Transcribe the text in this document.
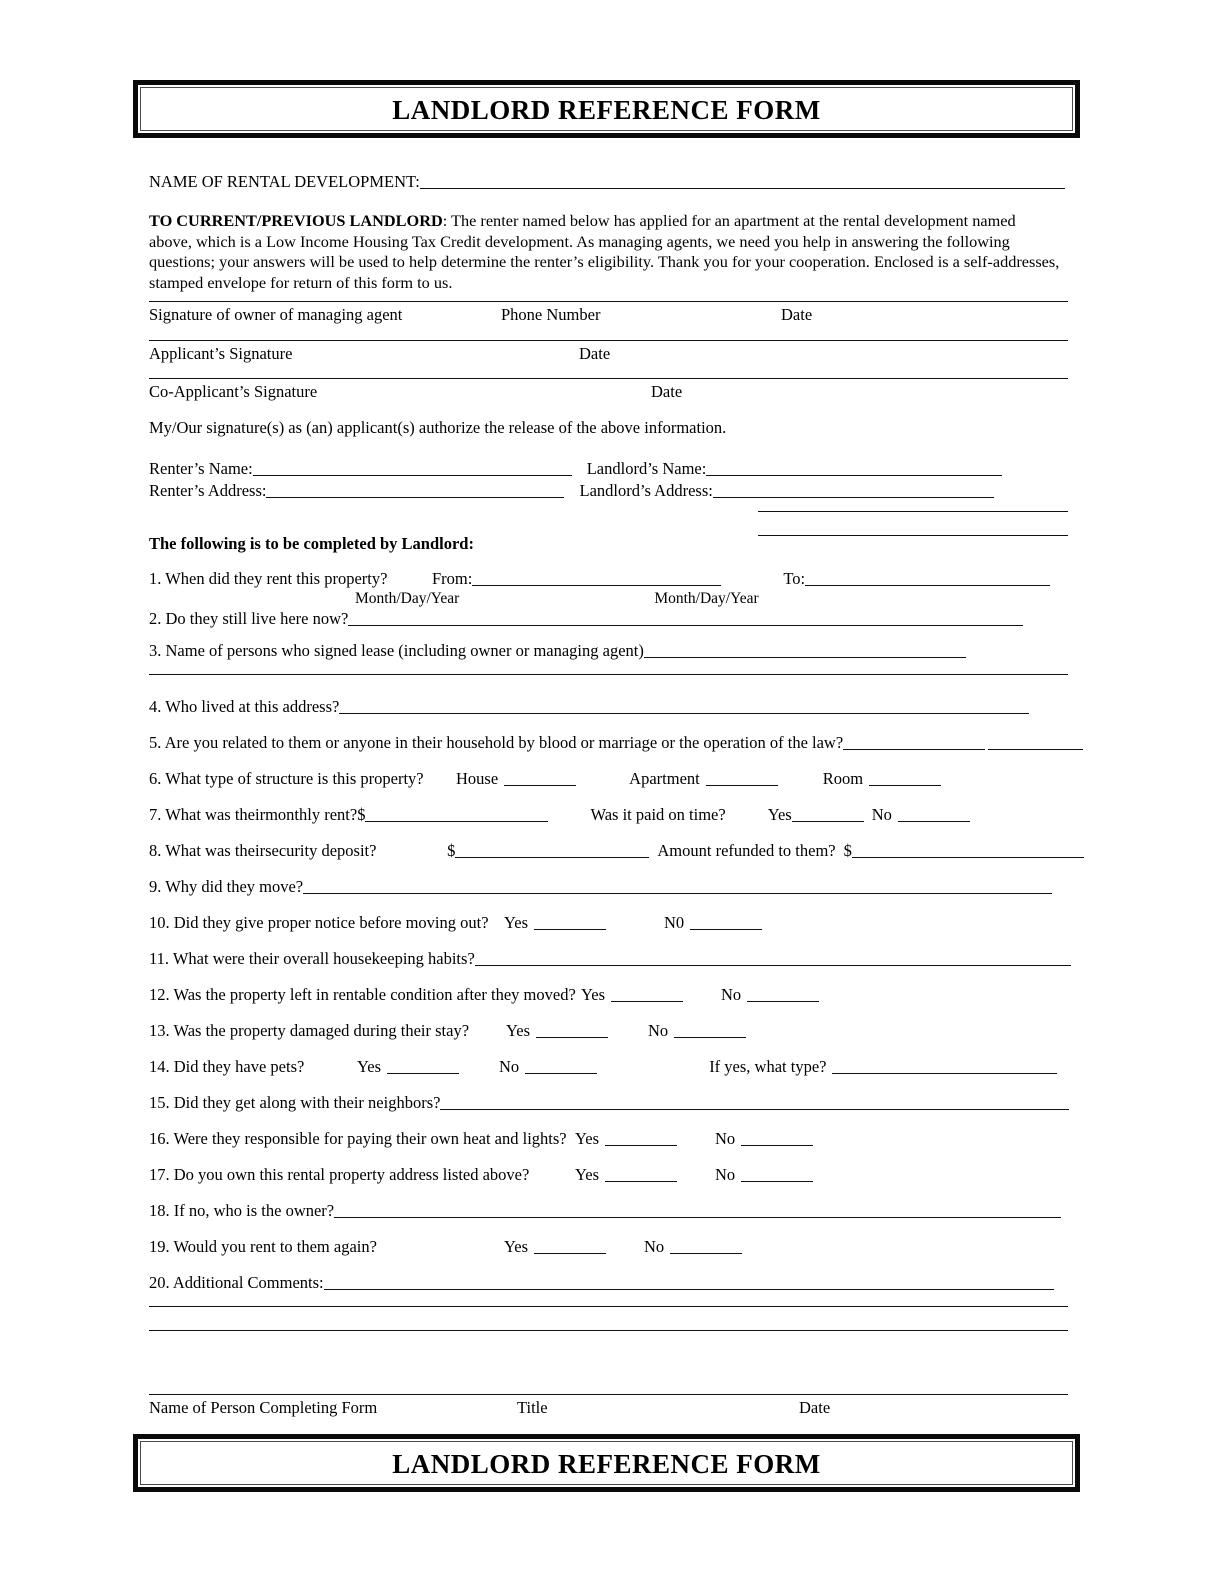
LANDLORD REFERENCE FORM
NAME OF RENTAL DEVELOPMENT:
TO CURRENT/PREVIOUS LANDLORD: The renter named below has applied for an apartment at the rental development named above, which is a Low Income Housing Tax Credit development. As managing agents, we need you help in answering the following questions; your answers will be used to help determine the renter’s eligibility. Thank you for your cooperation. Enclosed is a self-addresses, stamped envelope for return of this form to us.
Signature of owner of managing agent	Phone Number	Date
Applicant’s Signature	Date
Co-Applicant’s Signature	Date
My/Our signature(s) as (an) applicant(s) authorize the release of the above information.
Renter’s Name:	Landlord’s Name:
Renter’s Address:	Landlord’s Address:
The following is to be completed by Landlord:
1. When did they rent this property?	From:	To:
Month/Day/Year	Month/Day/Year
2. Do they still live here now?
3. Name of persons who signed lease (including owner or managing agent)
4. Who lived at this address?
5. Are you related to them or anyone in their household by blood or marriage or the operation of the law?
6. What type of structure is this property? House	Apartment	Room
7. What was theirmonthly rent?$	Was it paid on time?	Yes	No
8. What was theirsecurity deposit?	$	Amount refunded to them? $
9. Why did they move?
10. Did they give proper notice before moving out? Yes	N0
11. What were their overall housekeeping habits?
12. Was the property left in rentable condition after they moved? Yes	No
13. Was the property damaged during their stay? Yes	No
14. Did they have pets?	Yes	No	If yes, what type?
15. Did they get along with their neighbors?
16. Were they responsible for paying their own heat and lights? Yes	No
17. Do you own this rental property address listed above?	Yes	No
18. If no, who is the owner?
19. Would you rent to them again?	Yes	No
20. Additional Comments:
Name of Person Completing Form	Title	Date
LANDLORD REFERENCE FORM
